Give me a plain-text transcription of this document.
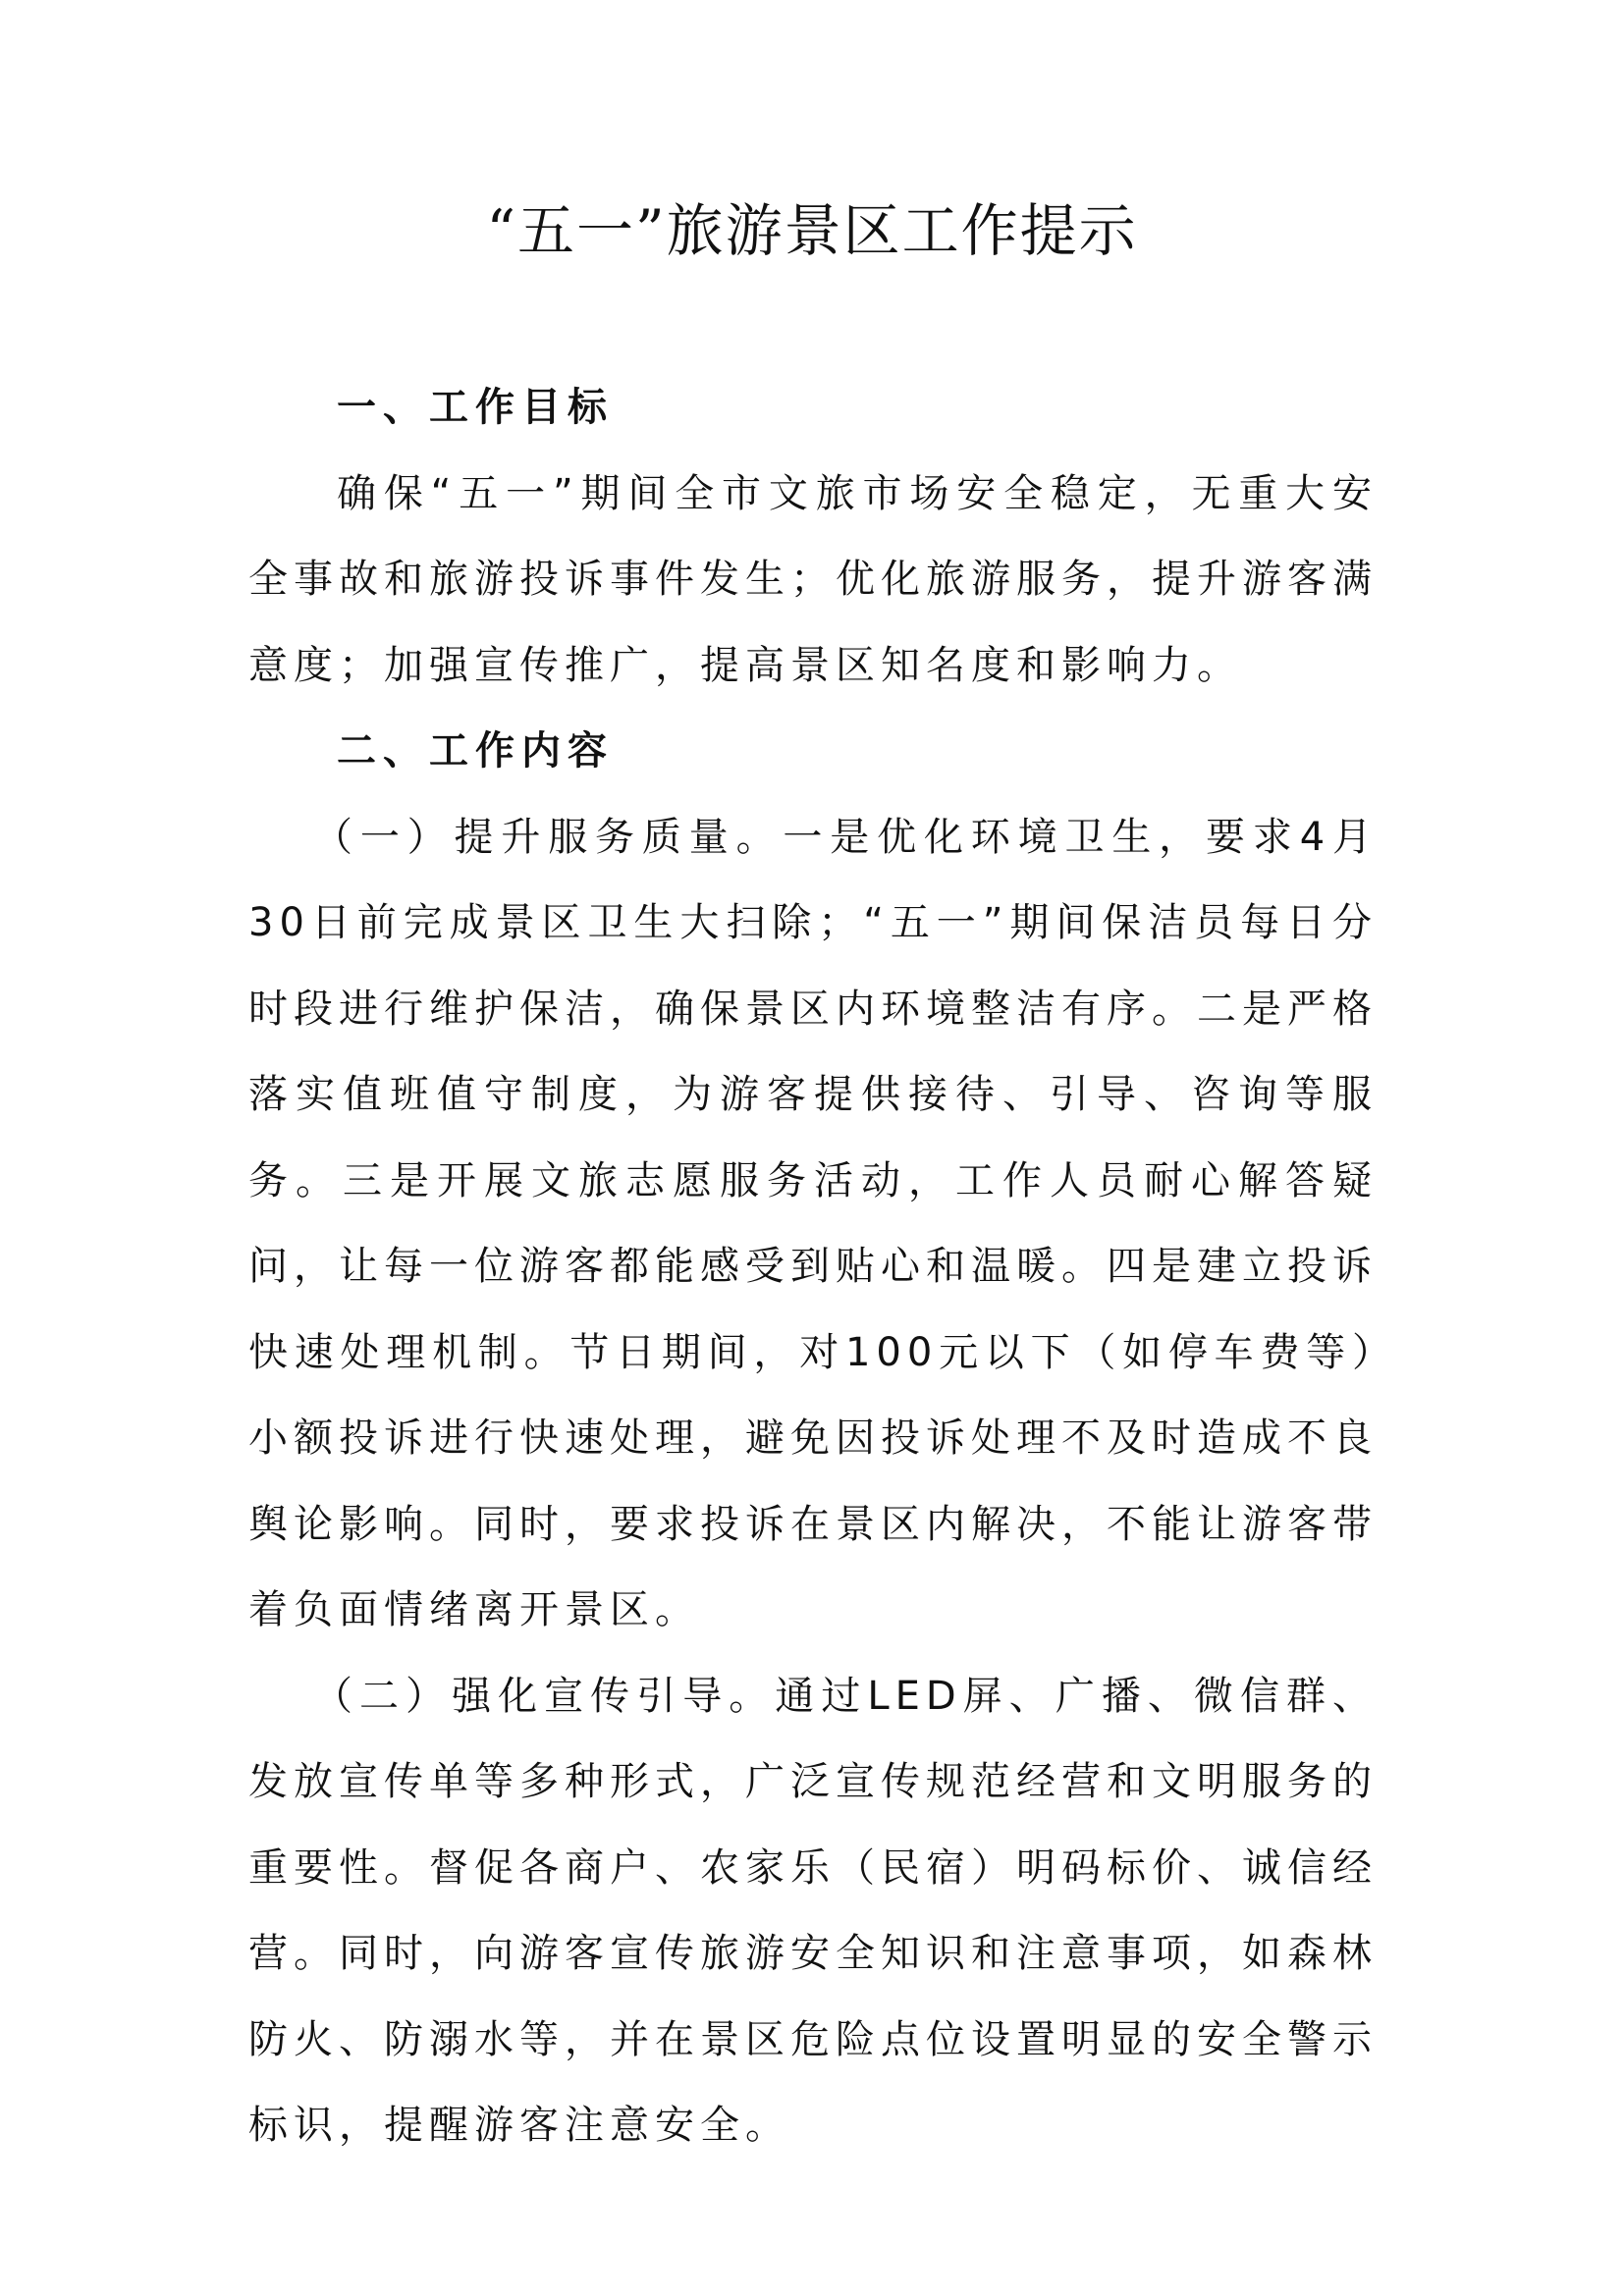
“五一”旅游景区工作提示

一、工作目标

确保“五一”期间全市文旅市场安全稳定，无重大安全事故和旅游投诉事件发生；优化旅游服务，提升游客满意度；加强宣传推广，提高景区知名度和影响力。

二、工作内容

（一）提升服务质量。一是优化环境卫生，要求4月30日前完成景区卫生大扫除；“五一”期间保洁员每日分时段进行维护保洁，确保景区内环境整洁有序。二是严格落实值班值守制度，为游客提供接待、引导、咨询等服务。三是开展文旅志愿服务活动，工作人员耐心解答疑问，让每一位游客都能感受到贴心和温暖。四是建立投诉快速处理机制。节日期间，对100元以下（如停车费等）小额投诉进行快速处理，避免因投诉处理不及时造成不良舆论影响。同时，要求投诉在景区内解决，不能让游客带着负面情绪离开景区。

（二）强化宣传引导。通过LED屏、广播、微信群、发放宣传单等多种形式，广泛宣传规范经营和文明服务的重要性。督促各商户、农家乐（民宿）明码标价、诚信经营。同时，向游客宣传旅游安全知识和注意事项，如森林防火、防溺水等，并在景区危险点位设置明显的安全警示标识，提醒游客注意安全。
